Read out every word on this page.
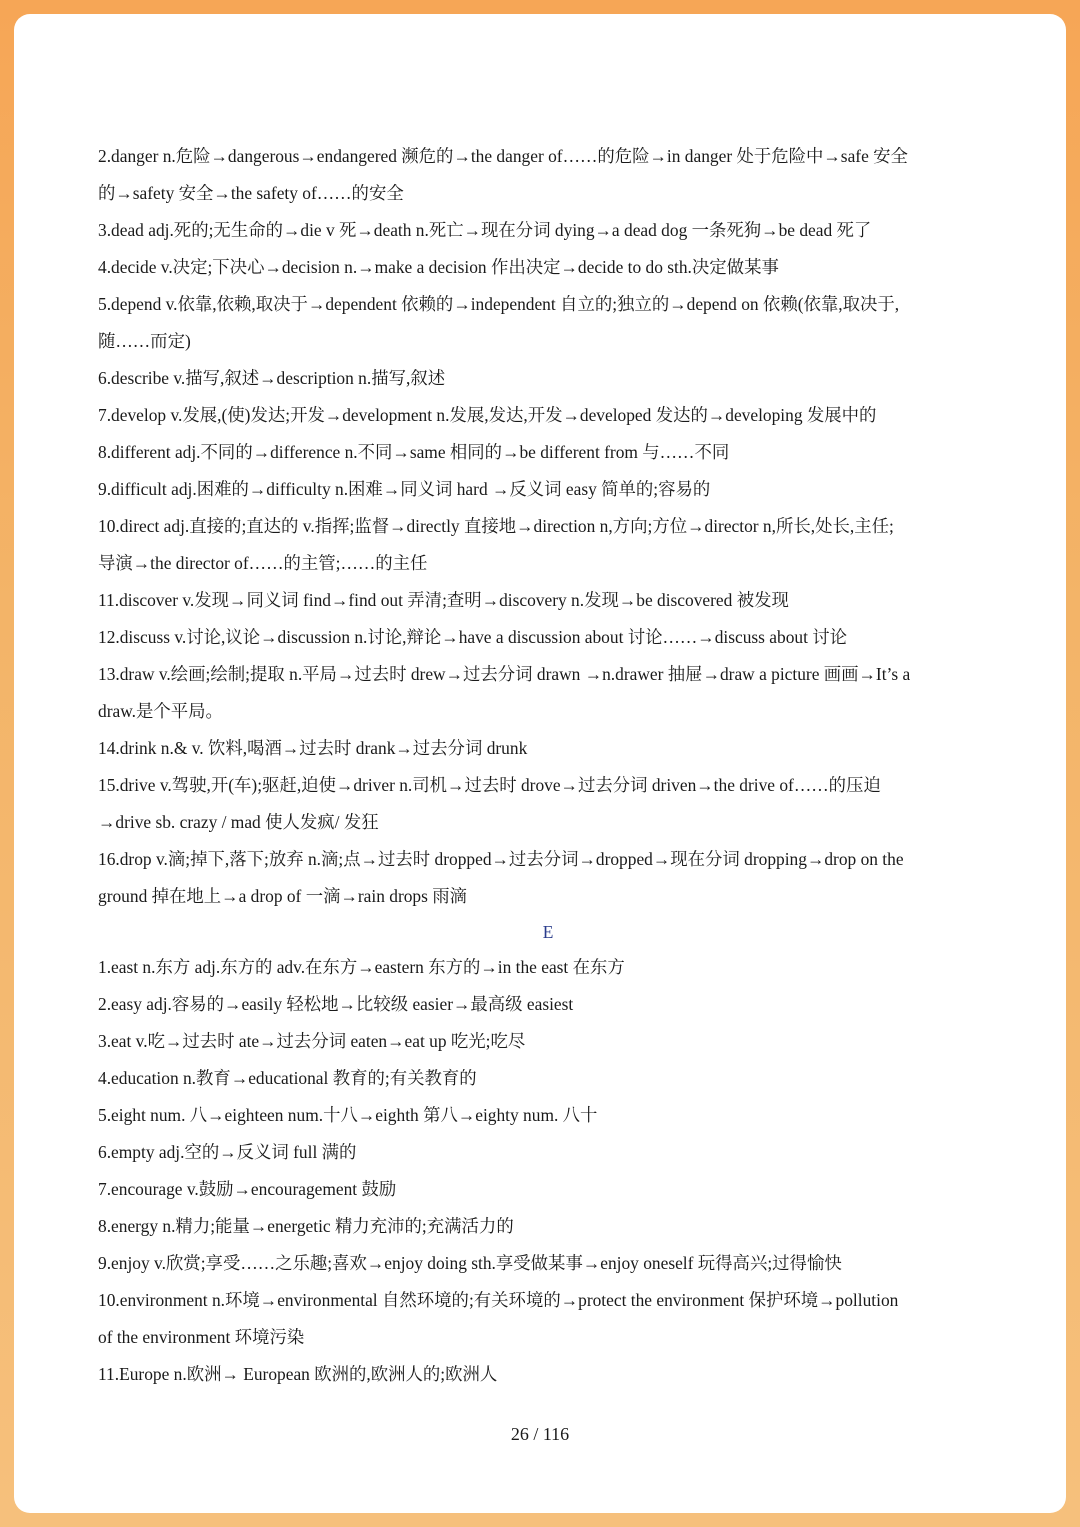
2.danger n.危险→dangerous→endangered 濒危的→the danger of……的危险→in danger 处于危险中→safe 安全
的→safety 安全→the safety of……的安全
3.dead adj.死的;无生命的→die v 死→death n.死亡→现在分词 dying→a dead dog 一条死狗→be dead 死了
4.decide v.决定;下决心→decision n.→make a decision 作出决定→decide to do sth.决定做某事
5.depend v.依靠,依赖,取决于→dependent 依赖的→independent 自立的;独立的→depend on 依赖(依靠,取决于,
随……而定)
6.describe v.描写,叙述→description n.描写,叙述
7.develop v.发展,(使)发达;开发→development n.发展,发达,开发→developed 发达的→developing 发展中的
8.different adj.不同的→difference n.不同→same 相同的→be different from 与……不同
9.difficult adj.困难的→difficulty n.困难→同义词 hard →反义词 easy 简单的;容易的
10.direct adj.直接的;直达的 v.指挥;监督→directly 直接地→direction n,方向;方位→director n,所长,处长,主任;
导演→the director of……的主管;……的主任
11.discover v.发现→同义词 find→find out 弄清;查明→discovery n.发现→be discovered 被发现
12.discuss v.讨论,议论→discussion n.讨论,辩论→have a discussion about 讨论……→discuss about 讨论
13.draw v.绘画;绘制;提取 n.平局→过去时 drew→过去分词 drawn →n.drawer 抽屉→draw a picture 画画→It’s a
draw.是个平局。
14.drink n.& v. 饮料,喝酒→过去时 drank→过去分词 drunk
15.drive v.驾驶,开(车);驱赶,迫使→driver n.司机→过去时 drove→过去分词 driven→the drive of……的压迫
→drive sb. crazy / mad 使人发疯/ 发狂
16.drop v.滴;掉下,落下;放弃 n.滴;点→过去时 dropped→过去分词→dropped→现在分词 dropping→drop on the
ground 掉在地上→a drop of 一滴→rain drops 雨滴
E
1.east n.东方 adj.东方的 adv.在东方→eastern 东方的→in the east 在东方
2.easy adj.容易的→easily 轻松地→比较级 easier→最高级 easiest
3.eat v.吃→过去时 ate→过去分词 eaten→eat up 吃光;吃尽
4.education n.教育→educational 教育的;有关教育的
5.eight num. 八→eighteen num.十八→eighth 第八→eighty num. 八十
6.empty adj.空的→反义词 full 满的
7.encourage v.鼓励→encouragement 鼓励
8.energy n.精力;能量→energetic 精力充沛的;充满活力的
9.enjoy v.欣赏;享受……之乐趣;喜欢→enjoy doing sth.享受做某事→enjoy oneself 玩得高兴;过得愉快
10.environment n.环境→environmental 自然环境的;有关环境的→protect the environment 保护环境→pollution
of the environment 环境污染
11.Europe n.欧洲→ European 欧洲的,欧洲人的;欧洲人
26 / 116
